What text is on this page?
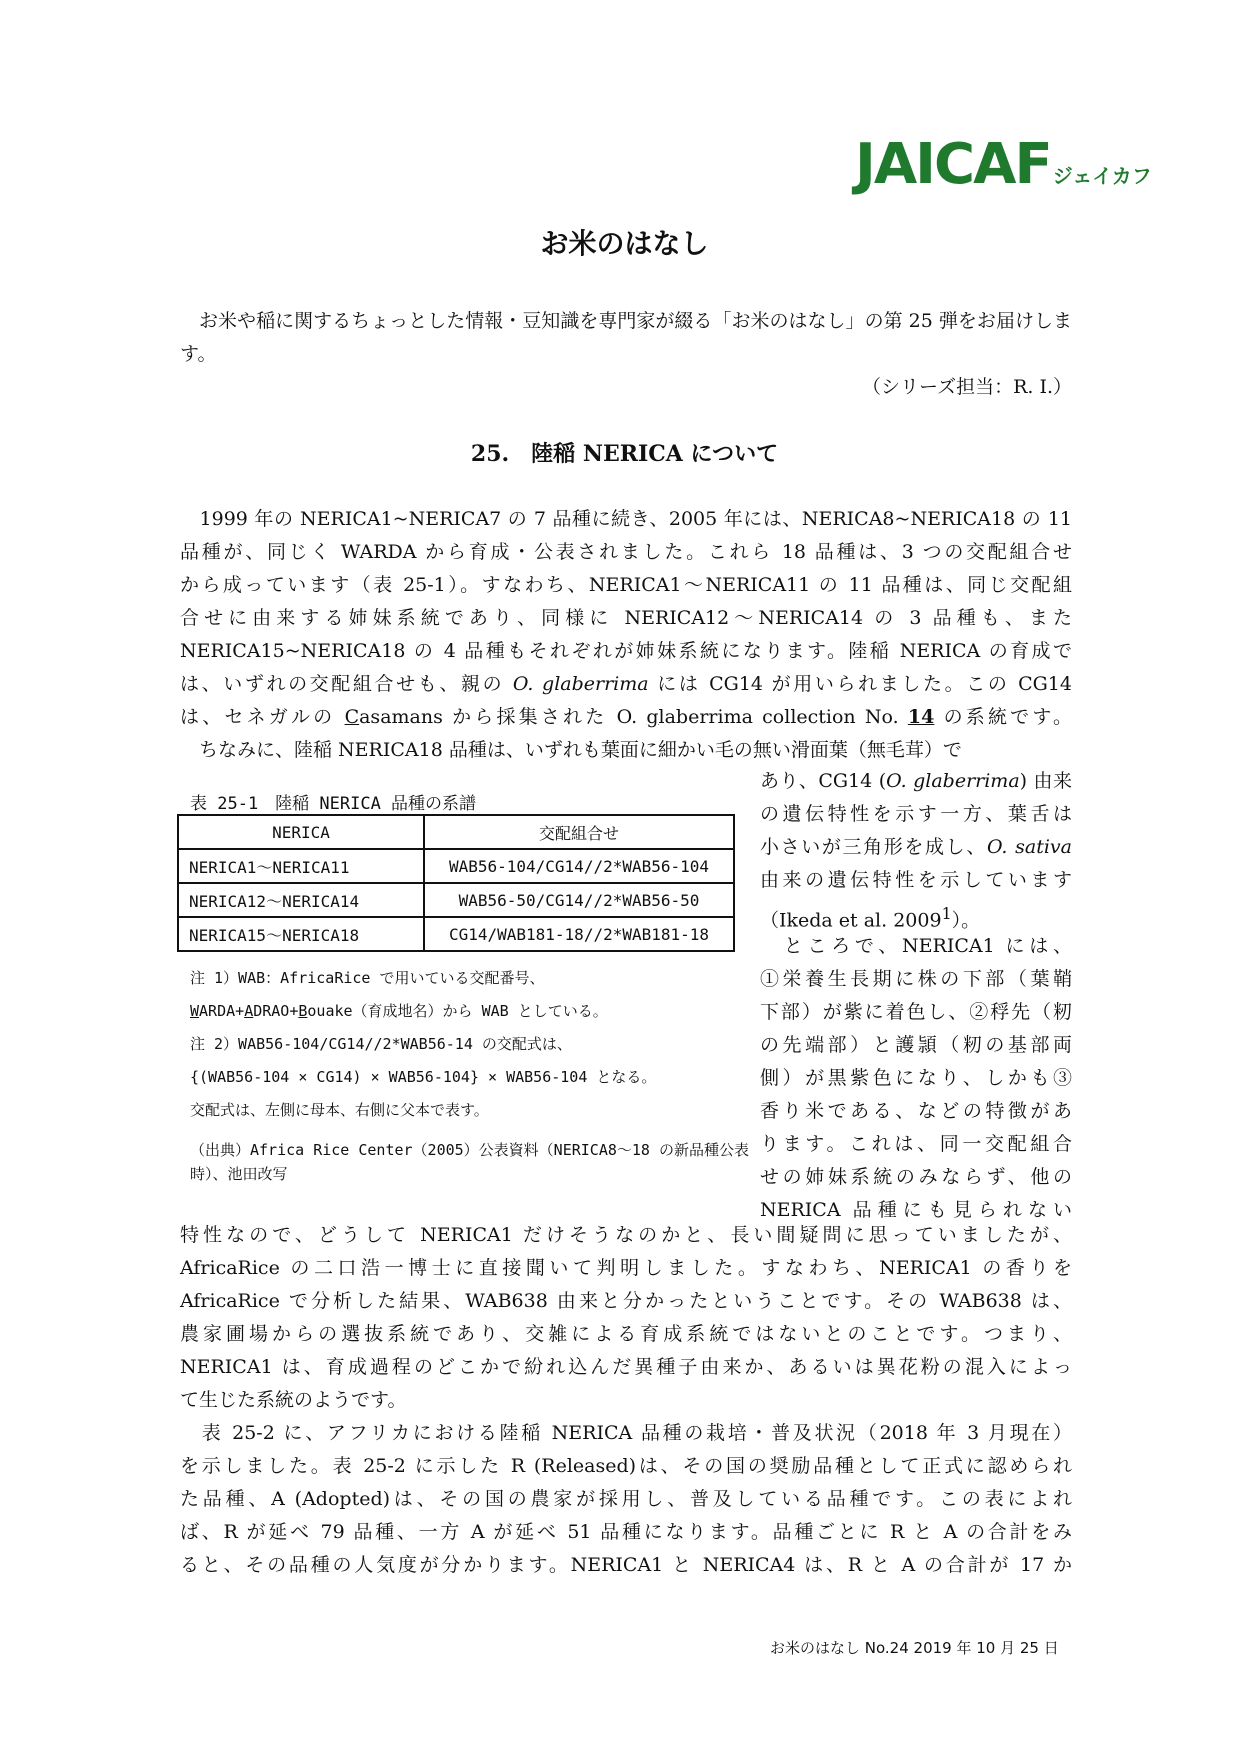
JAICAF ジェイカフ
お米のはなし
　お米や稲に関するちょっとした情報・豆知識を専門家が綴る「お米のはなし」の第 25 弾をお届けします。
（シリーズ担当：R. I.）
25.　陸稲 NERICA について
　1999 年の NERICA1~NERICA7 の 7 品種に続き、2005 年には、NERICA8~NERICA18 の 11
品種が、同じく WARDA から育成・公表されました。これら 18 品種は、3 つの交配組合せ
から成っています（表 25-1）。すなわち、NERICA1～NERICA11 の 11 品種は、同じ交配組
合せに由来する姉妹系統であり、同様に NERICA12～NERICA14 の 3 品種も、また
NERICA15~NERICA18 の 4 品種もそれぞれが姉妹系統になります。陸稲 NERICA の育成で
は、いずれの交配組合せも、親の O. glaberrima には CG14 が用いられました。この CG14
は、セネガルの Casamans から採集された O. glaberrima collection No. 14 の系統です。
　ちなみに、陸稲 NERICA18 品種は、いずれも葉面に細かい毛の無い滑面葉（無毛茸）で
表 25-1　陸稲 NERICA 品種の系譜
NERICA	交配組合せ
NERICA1～NERICA11	WAB56-104/CG14//2*WAB56-104
NERICA12～NERICA14	WAB56-50/CG14//2*WAB56-50
NERICA15～NERICA18	CG14/WAB181-18//2*WAB181-18
注 1）WAB：AfricaRice で用いている交配番号、
WARDA+ADRAO+Bouake（育成地名）から WAB としている。
注 2）WAB56-104/CG14//2*WAB56-14 の交配式は、
{(WAB56-104 × CG14) × WAB56-104} × WAB56-104 となる。
交配式は、左側に母本、右側に父本で表す。
（出典）Africa Rice Center（2005）公表資料（NERICA8～18 の新品種公表時）、池田改写
あり、CG14 (O. glaberrima) 由来
の遺伝特性を示す一方、葉舌は
小さいが三角形を成し、O. sativa
由来の遺伝特性を示しています
（Ikeda et al. 2009$^1$）。
　ところで、NERICA1 には、
①栄養生長期に株の下部（葉鞘
下部）が紫に着色し、②稃先（籾
の先端部）と護頴（籾の基部両
側）が黒紫色になり、しかも③
香り米である、などの特徴があ
ります。これは、同一交配組合
せの姉妹系統のみならず、他の
NERICA 品種にも見られない
特性なので、どうして NERICA1 だけそうなのかと、長い間疑問に思っていましたが、
AfricaRice の二口浩一博士に直接聞いて判明しました。すなわち、NERICA1 の香りを
AfricaRice で分析した結果、WAB638 由来と分かったということです。その WAB638 は、
農家圃場からの選抜系統であり、交雑による育成系統ではないとのことです。つまり、
NERICA1 は、育成過程のどこかで紛れ込んだ異種子由来か、あるいは異花粉の混入によっ
て生じた系統のようです。
　表 25-2 に、アフリカにおける陸稲 NERICA 品種の栽培・普及状況（2018 年 3 月現在）
を示しました。表 25-2 に示した R (Released)は、その国の奨励品種として正式に認められ
た品種、A (Adopted)は、その国の農家が採用し、普及している品種です。この表によれ
ば、R が延べ 79 品種、一方 A が延べ 51 品種になります。品種ごとに R と A の合計をみ
ると、その品種の人気度が分かります。NERICA1 と NERICA4 は、R と A の合計が 17 か
お米のはなし No.24 2019 年 10 月 25 日
